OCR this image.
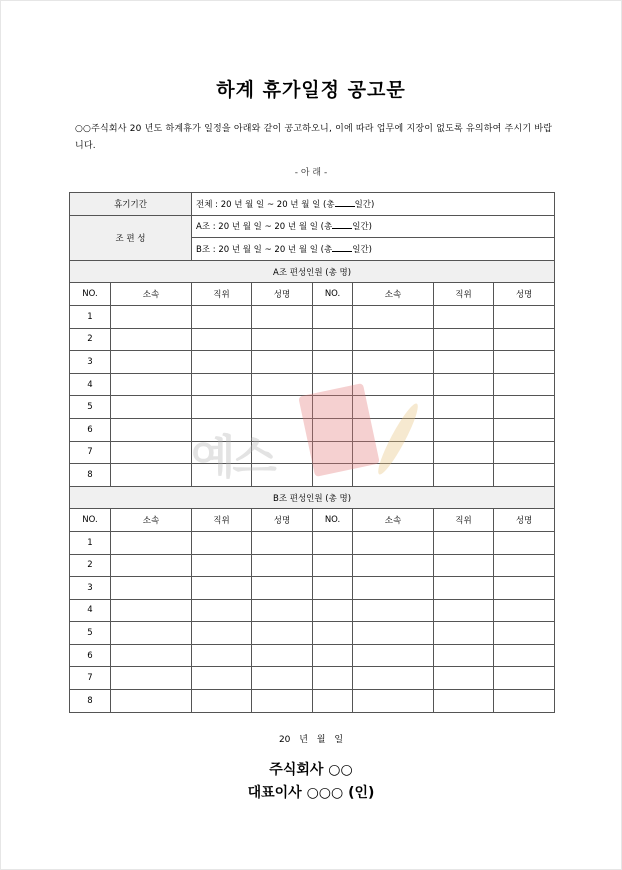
하계 휴가일정 공고문
○○주식회사 20 년도 하계휴가 일정을 아래와 같이 공고하오니, 이에 따라 업무에 지장이 없도록 유의하여 주시기 바랍니다.
- 아 래 -
휴기기간		전체 : 20 년 월 일 ~ 20 년 월 일 (총 일간)					
조 편 성		A조 : 20 년 월 일 ~ 20 년 월 일 (총 일간)					
		B조 : 20 년 월 일 ~ 20 년 월 일 (총 일간)					
A조 편성인원 (총 명)							
NO.	소속	직위	성명	NO.	소속	직위	성명
1							
2							
3							
4							
5							
6							
7							
8							
B조 편성인원 (총 명)							
NO.	소속	직위	성명	NO.	소속	직위	성명
1							
2							
3							
4							
5							
6							
7							
8							
예스
20 년 월 일
주식회사 ○○
대표이사 ○○○ (인)
